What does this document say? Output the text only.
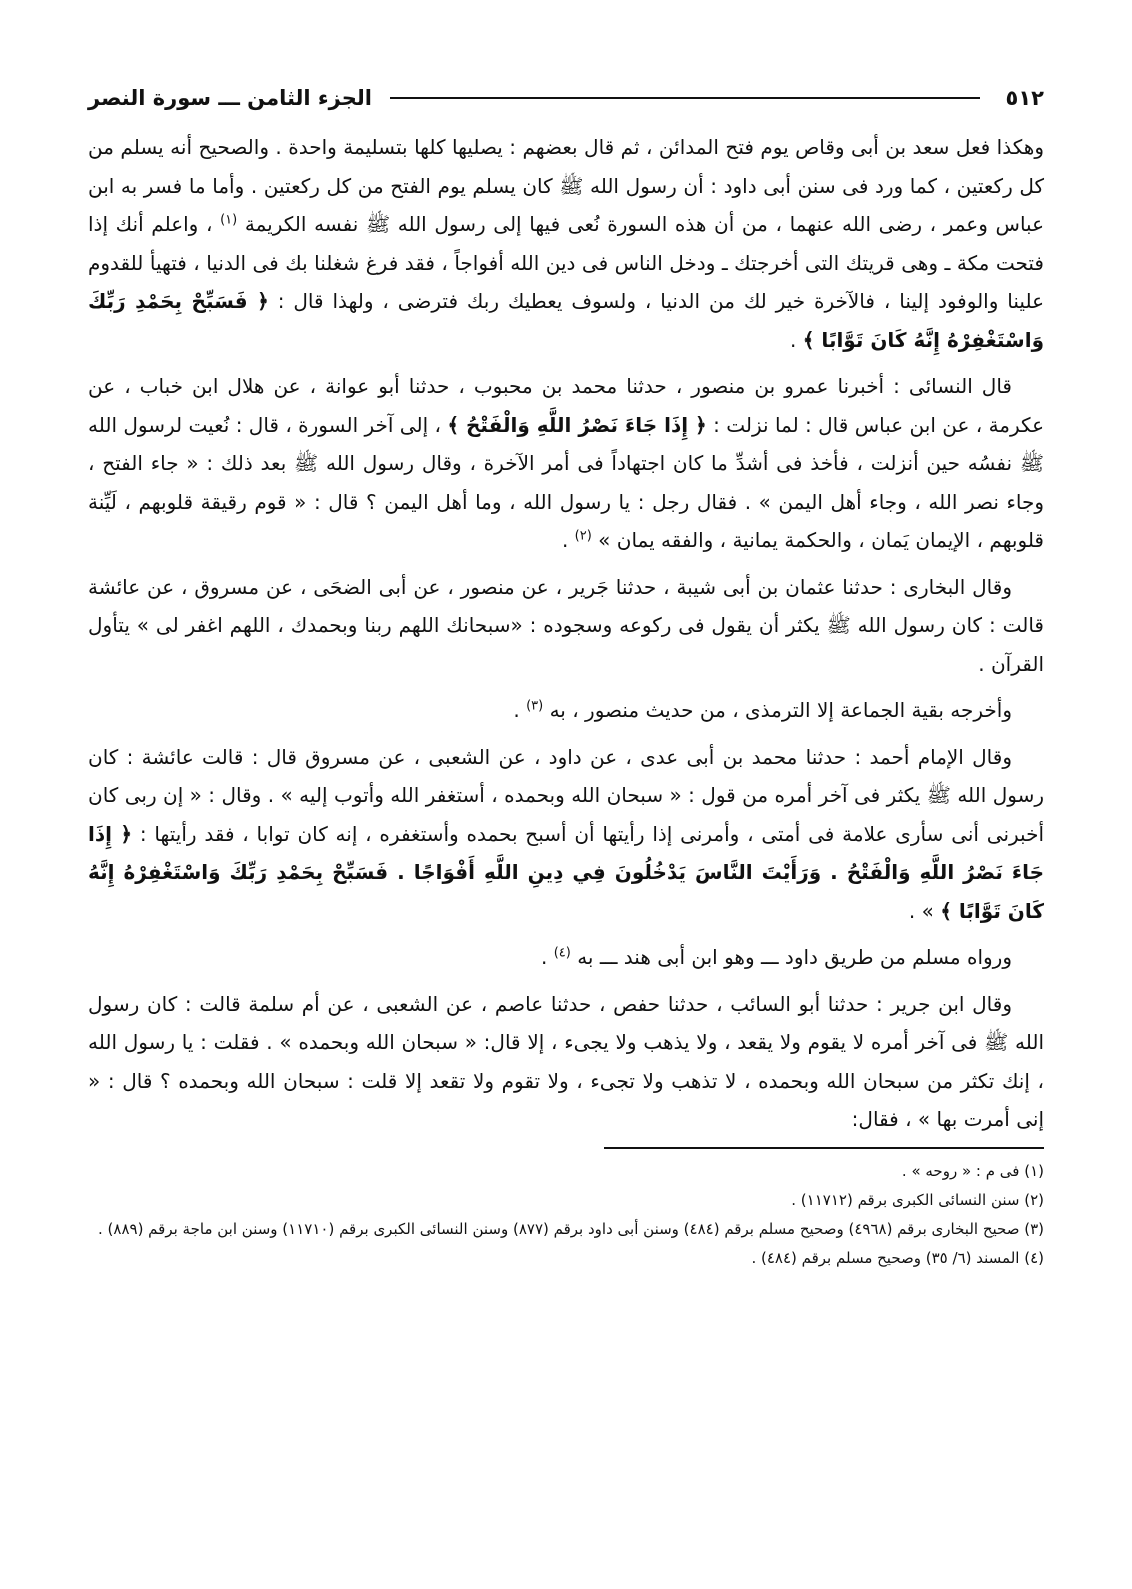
٥١٢
الجزء الثامن ـــ سورة النصر

وهكذا فعل سعد بن أبى وقاص يوم فتح المدائن ، ثم قال بعضهم : يصليها كلها بتسليمة واحدة . والصحيح أنه يسلم من كل ركعتين ، كما ورد فى سنن أبى داود : أن رسول الله ﷺ كان يسلم يوم الفتح من كل ركعتين . وأما ما فسر به ابن عباس وعمر ، رضى الله عنهما ، من أن هذه السورة نُعى فيها إلى رسول الله ﷺ نفسه الكريمة $^{(١)}$ ، واعلم أنك إذا فتحت مكة ـ وهى قريتك التى أخرجتك ـ ودخل الناس فى دين الله أفواجاً ، فقد فرغ شغلنا بك فى الدنيا ، فتهيأ للقدوم علينا والوفود إلينا ، فالآخرة خير لك من الدنيا ، ولسوف يعطيك ربك فترضى ، ولهذا قال : ﴿ فَسَبِّحْ بِحَمْدِ رَبِّكَ وَاسْتَغْفِرْهُ إِنَّهُ كَانَ تَوَّابًا ﴾ .

قال النسائى : أخبرنا عمرو بن منصور ، حدثنا محمد بن محبوب ، حدثنا أبو عوانة ، عن هلال ابن خباب ، عن عكرمة ، عن ابن عباس قال : لما نزلت : ﴿ إِذَا جَاءَ نَصْرُ اللَّهِ وَالْفَتْحُ ﴾ ، إلى آخر السورة ، قال : نُعيت لرسول الله ﷺ نفسُه حين أنزلت ، فأخذ فى أشدِّ ما كان اجتهاداً فى أمر الآخرة ، وقال رسول الله ﷺ بعد ذلك : « جاء الفتح ، وجاء نصر الله ، وجاء أهل اليمن » . فقال رجل : يا رسول الله ، وما أهل اليمن ؟ قال : « قوم رقيقة قلوبهم ، لَيِّنة قلوبهم ، الإيمان يَمان ، والحكمة يمانية ، والفقه يمان » $^{(٢)}$ .

وقال البخارى : حدثنا عثمان بن أبى شيبة ، حدثنا جَرير ، عن منصور ، عن أبى الضحَى ، عن مسروق ، عن عائشة قالت : كان رسول الله ﷺ يكثر أن يقول فى ركوعه وسجوده : «سبحانك اللهم ربنا وبحمدك ، اللهم اغفر لى » يتأول القرآن .

وأخرجه بقية الجماعة إلا الترمذى ، من حديث منصور ، به $^{(٣)}$ .

وقال الإمام أحمد : حدثنا محمد بن أبى عدى ، عن داود ، عن الشعبى ، عن مسروق قال : قالت عائشة : كان رسول الله ﷺ يكثر فى آخر أمره من قول : « سبحان الله وبحمده ، أستغفر الله وأتوب إليه » . وقال : « إن ربى كان أخبرنى أنى سأرى علامة فى أمتى ، وأمرنى إذا رأيتها أن أسبح بحمده وأستغفره ، إنه كان توابا ، فقد رأيتها : ﴿ إِذَا جَاءَ نَصْرُ اللَّهِ وَالْفَتْحُ . وَرَأَيْتَ النَّاسَ يَدْخُلُونَ فِي دِينِ اللَّهِ أَفْوَاجًا . فَسَبِّحْ بِحَمْدِ رَبِّكَ وَاسْتَغْفِرْهُ إِنَّهُ كَانَ تَوَّابًا ﴾ » .

ورواه مسلم من طريق داود ـــ وهو ابن أبى هند ـــ به $^{(٤)}$ .

وقال ابن جرير : حدثنا أبو السائب ، حدثنا حفص ، حدثنا عاصم ، عن الشعبى ، عن أم سلمة قالت : كان رسول الله ﷺ فى آخر أمره لا يقوم ولا يقعد ، ولا يذهب ولا يجىء ، إلا قال: « سبحان الله وبحمده » . فقلت : يا رسول الله ، إنك تكثر من سبحان الله وبحمده ، لا تذهب ولا تجىء ، ولا تقوم ولا تقعد إلا قلت : سبحان الله وبحمده ؟ قال : « إنى أمرت بها » ، فقال:

(١) فى م : « روحه » .

(٢) سنن النسائى الكبرى برقم (١١٧١٢) .

(٣) صحيح البخارى برقم (٤٩٦٨) وصحيح مسلم برقم (٤٨٤) وسنن أبى داود برقم (٨٧٧) وسنن النسائى الكبرى برقم (١١٧١٠) وسنن ابن ماجة برقم (٨٨٩) .

(٤) المسند (٦/ ٣٥) وصحيح مسلم برقم (٤٨٤) .
